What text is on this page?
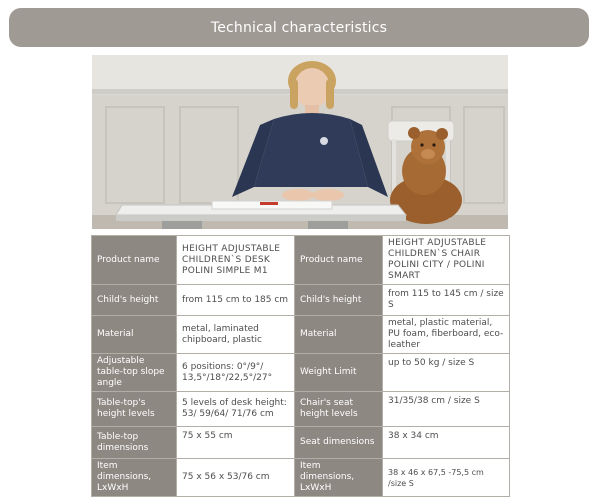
Technical characteristics
Product name	HEIGHT ADJUSTABLE CHILDREN`S DESK POLINI SIMPLE M1	Product name	HEIGHT ADJUSTABLE CHILDREN`S CHAIR POLINI CITY / POLINI SMART
Child's height	from 115 cm to 185 cm	Child's height	from 115 to 145 cm / size S
Material	metal, laminated chipboard, plastic	Material	metal, plastic material, PU foam, fiberboard, eco-leather
Adjustable table-top slope angle	6 positions: 0°/9°/ 13,5°/18°/22,5°/27°	Weight Limit	up to 50 kg / size S
Table-top's height levels	5 levels of desk height: 53/ 59/64/ 71/76 cm	Chair's seat height levels	31/35/38 cm / size S
Table-top dimensions	75 x 55 cm	Seat dimensions	38 x 34 cm
Item dimensions, LxWxH	75 x 56 x 53/76 cm	Item dimensions, LxWxH	38 x 46 x 67,5 -75,5 cm /size S
